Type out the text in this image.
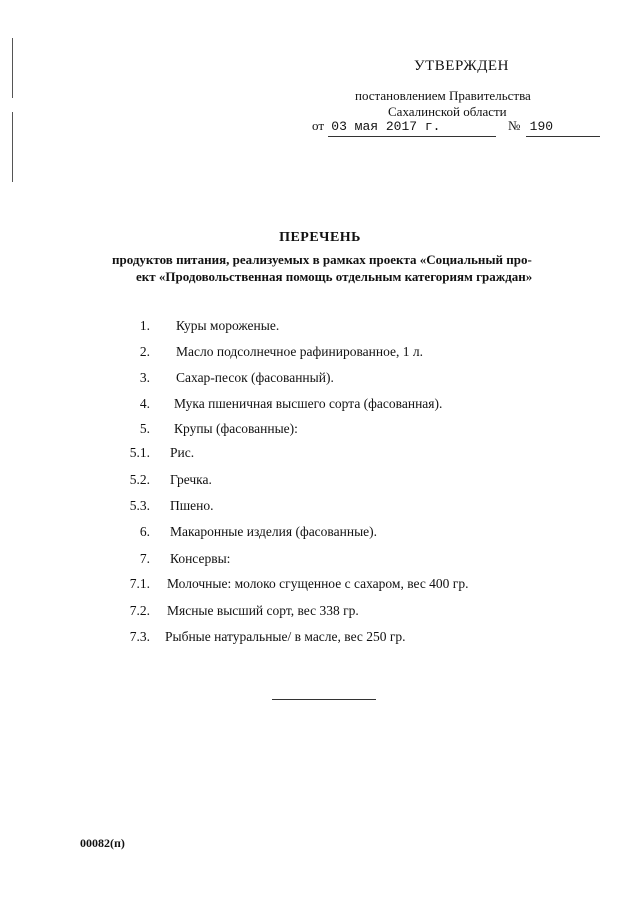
УТВЕРЖДЕН
постановлением Правительства
Сахалинской области
от 03 мая 2017 г.	№ 190
ПЕРЕЧЕНЬ
продуктов питания, реализуемых в рамках проекта «Социальный про-
ект «Продовольственная помощь отдельным категориям граждан»
1. Куры мороженые.
2. Масло подсолнечное рафинированное, 1 л.
3. Сахар-песок (фасованный).
4. Мука пшеничная высшего сорта (фасованная).
5. Крупы (фасованные):
5.1. Рис.
5.2. Гречка.
5.3. Пшено.
6. Макаронные изделия (фасованные).
7. Консервы:
7.1. Молочные: молоко сгущенное с сахаром, вес 400 гр.
7.2. Мясные высший сорт, вес 338 гр.
7.3. Рыбные натуральные/ в масле, вес 250 гр.
00082(п)
